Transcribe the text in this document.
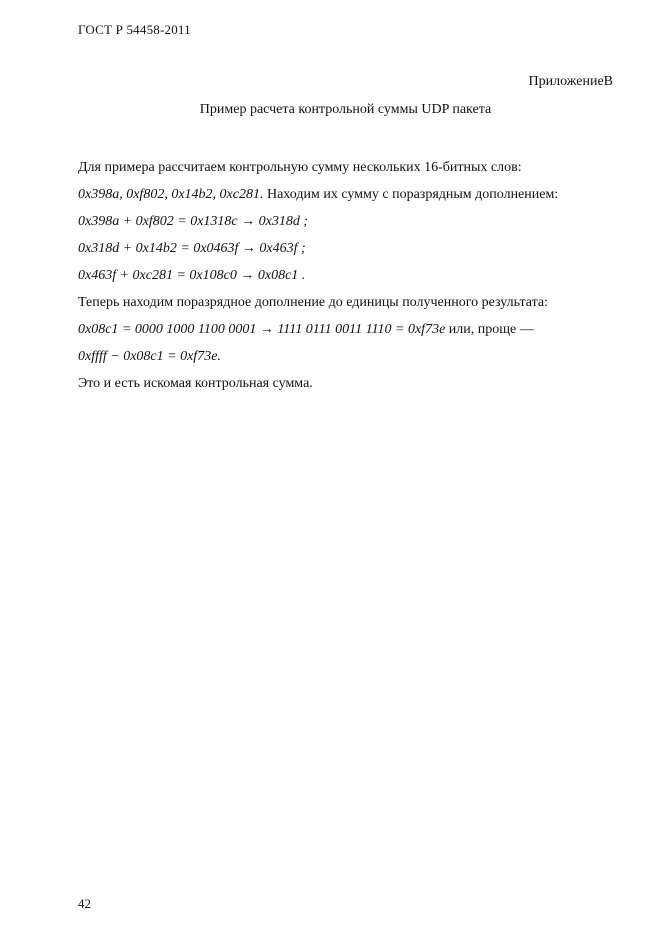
ГОСТ Р 54458-2011
ПриложениеВ
Пример расчета контрольной суммы UDP пакета
Для примера рассчитаем контрольную сумму нескольких 16-битных слов:
0x398a, 0xf802, 0x14b2, 0xc281. Находим их сумму с поразрядным дополнением:
0x398a + 0xf802 = 0x1318c → 0x318d ;
0x318d + 0x14b2 = 0x0463f → 0x463f ;
0x463f + 0xc281 = 0x108c0 → 0x08c1 .
Теперь находим поразрядное дополнение до единицы полученного результата:
0x08c1 = 0000 1000 1100 0001 → 1111 0111 0011 1110 = 0xf73e или, проще —
0xffff − 0x08c1 = 0xf73e.
Это и есть искомая контрольная сумма.
42
